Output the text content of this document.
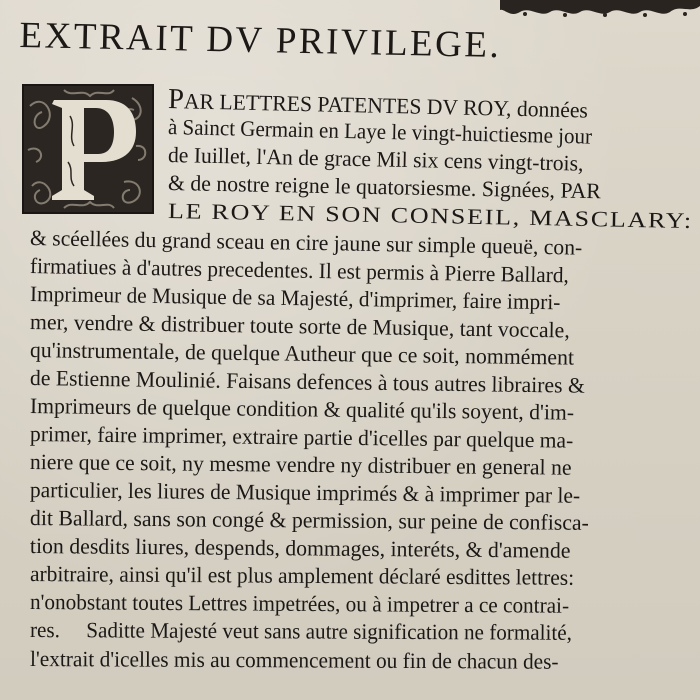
EXTRAIT DV PRIVILEGE.
PAR LETTRES PATENTES DV ROY, données
à Sainct Germain en Laye le vingt-huictiesme jour
de Iuillet, l'An de grace Mil six cens vingt-trois,
& de nostre reigne le quatorsiesme. Signées, PAR
LE ROY EN SON CONSEIL, MASCLARY:
& scéellées du grand sceau en cire jaune sur simple queuë, con-
firmatiues à d'autres precedentes. Il est permis à Pierre Ballard,
Imprimeur de Musique de sa Majesté, d'imprimer, faire impri-
mer, vendre & distribuer toute sorte de Musique, tant voccale,
qu'instrumentale, de quelque Autheur que ce soit, nommément
de Estienne Moulinié. Faisans defences à tous autres libraires &
Imprimeurs de quelque condition & qualité qu'ils soyent, d'im-
primer, faire imprimer, extraire partie d'icelles par quelque ma-
niere que ce soit, ny mesme vendre ny distribuer en general ne
particulier, les liures de Musique imprimés & à imprimer par le-
dit Ballard, sans son congé & permission, sur peine de confisca-
tion desdits liures, despends, dommages, interéts, & d'amende
arbitraire, ainsi qu'il est plus amplement déclaré esdittes lettres:
n'onobstant toutes Lettres impetrées, ou à impetrer a ce contrai-
res.     Saditte Majesté veut sans autre signification ne formalité,
l'extrait d'icelles mis au commencement ou fin de chacun des-
